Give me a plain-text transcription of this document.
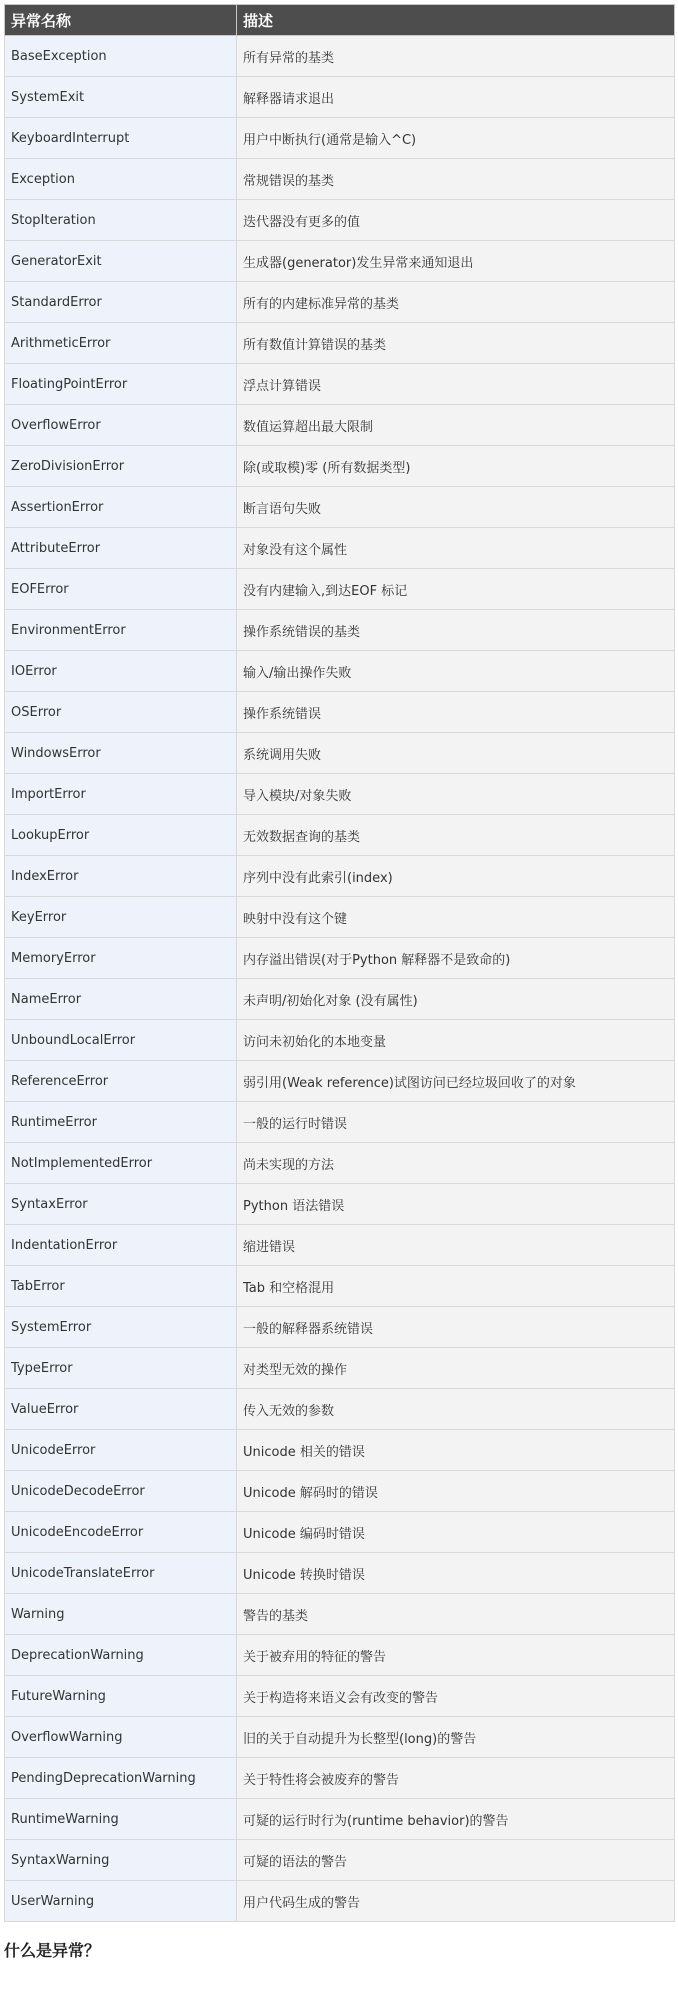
异常名称	描述
BaseException	所有异常的基类
SystemExit	解释器请求退出
KeyboardInterrupt	用户中断执行(通常是输入^C)
Exception	常规错误的基类
StopIteration	迭代器没有更多的值
GeneratorExit	生成器(generator)发生异常来通知退出
StandardError	所有的内建标准异常的基类
ArithmeticError	所有数值计算错误的基类
FloatingPointError	浮点计算错误
OverflowError	数值运算超出最大限制
ZeroDivisionError	除(或取模)零 (所有数据类型)
AssertionError	断言语句失败
AttributeError	对象没有这个属性
EOFError	没有内建输入,到达EOF 标记
EnvironmentError	操作系统错误的基类
IOError	输入/输出操作失败
OSError	操作系统错误
WindowsError	系统调用失败
ImportError	导入模块/对象失败
LookupError	无效数据查询的基类
IndexError	序列中没有此索引(index)
KeyError	映射中没有这个键
MemoryError	内存溢出错误(对于Python 解释器不是致命的)
NameError	未声明/初始化对象 (没有属性)
UnboundLocalError	访问未初始化的本地变量
ReferenceError	弱引用(Weak reference)试图访问已经垃圾回收了的对象
RuntimeError	一般的运行时错误
NotImplementedError	尚未实现的方法
SyntaxError	Python 语法错误
IndentationError	缩进错误
TabError	Tab 和空格混用
SystemError	一般的解释器系统错误
TypeError	对类型无效的操作
ValueError	传入无效的参数
UnicodeError	Unicode 相关的错误
UnicodeDecodeError	Unicode 解码时的错误
UnicodeEncodeError	Unicode 编码时错误
UnicodeTranslateError	Unicode 转换时错误
Warning	警告的基类
DeprecationWarning	关于被弃用的特征的警告
FutureWarning	关于构造将来语义会有改变的警告
OverflowWarning	旧的关于自动提升为长整型(long)的警告
PendingDeprecationWarning	关于特性将会被废弃的警告
RuntimeWarning	可疑的运行时行为(runtime behavior)的警告
SyntaxWarning	可疑的语法的警告
UserWarning	用户代码生成的警告
什么是异常？
